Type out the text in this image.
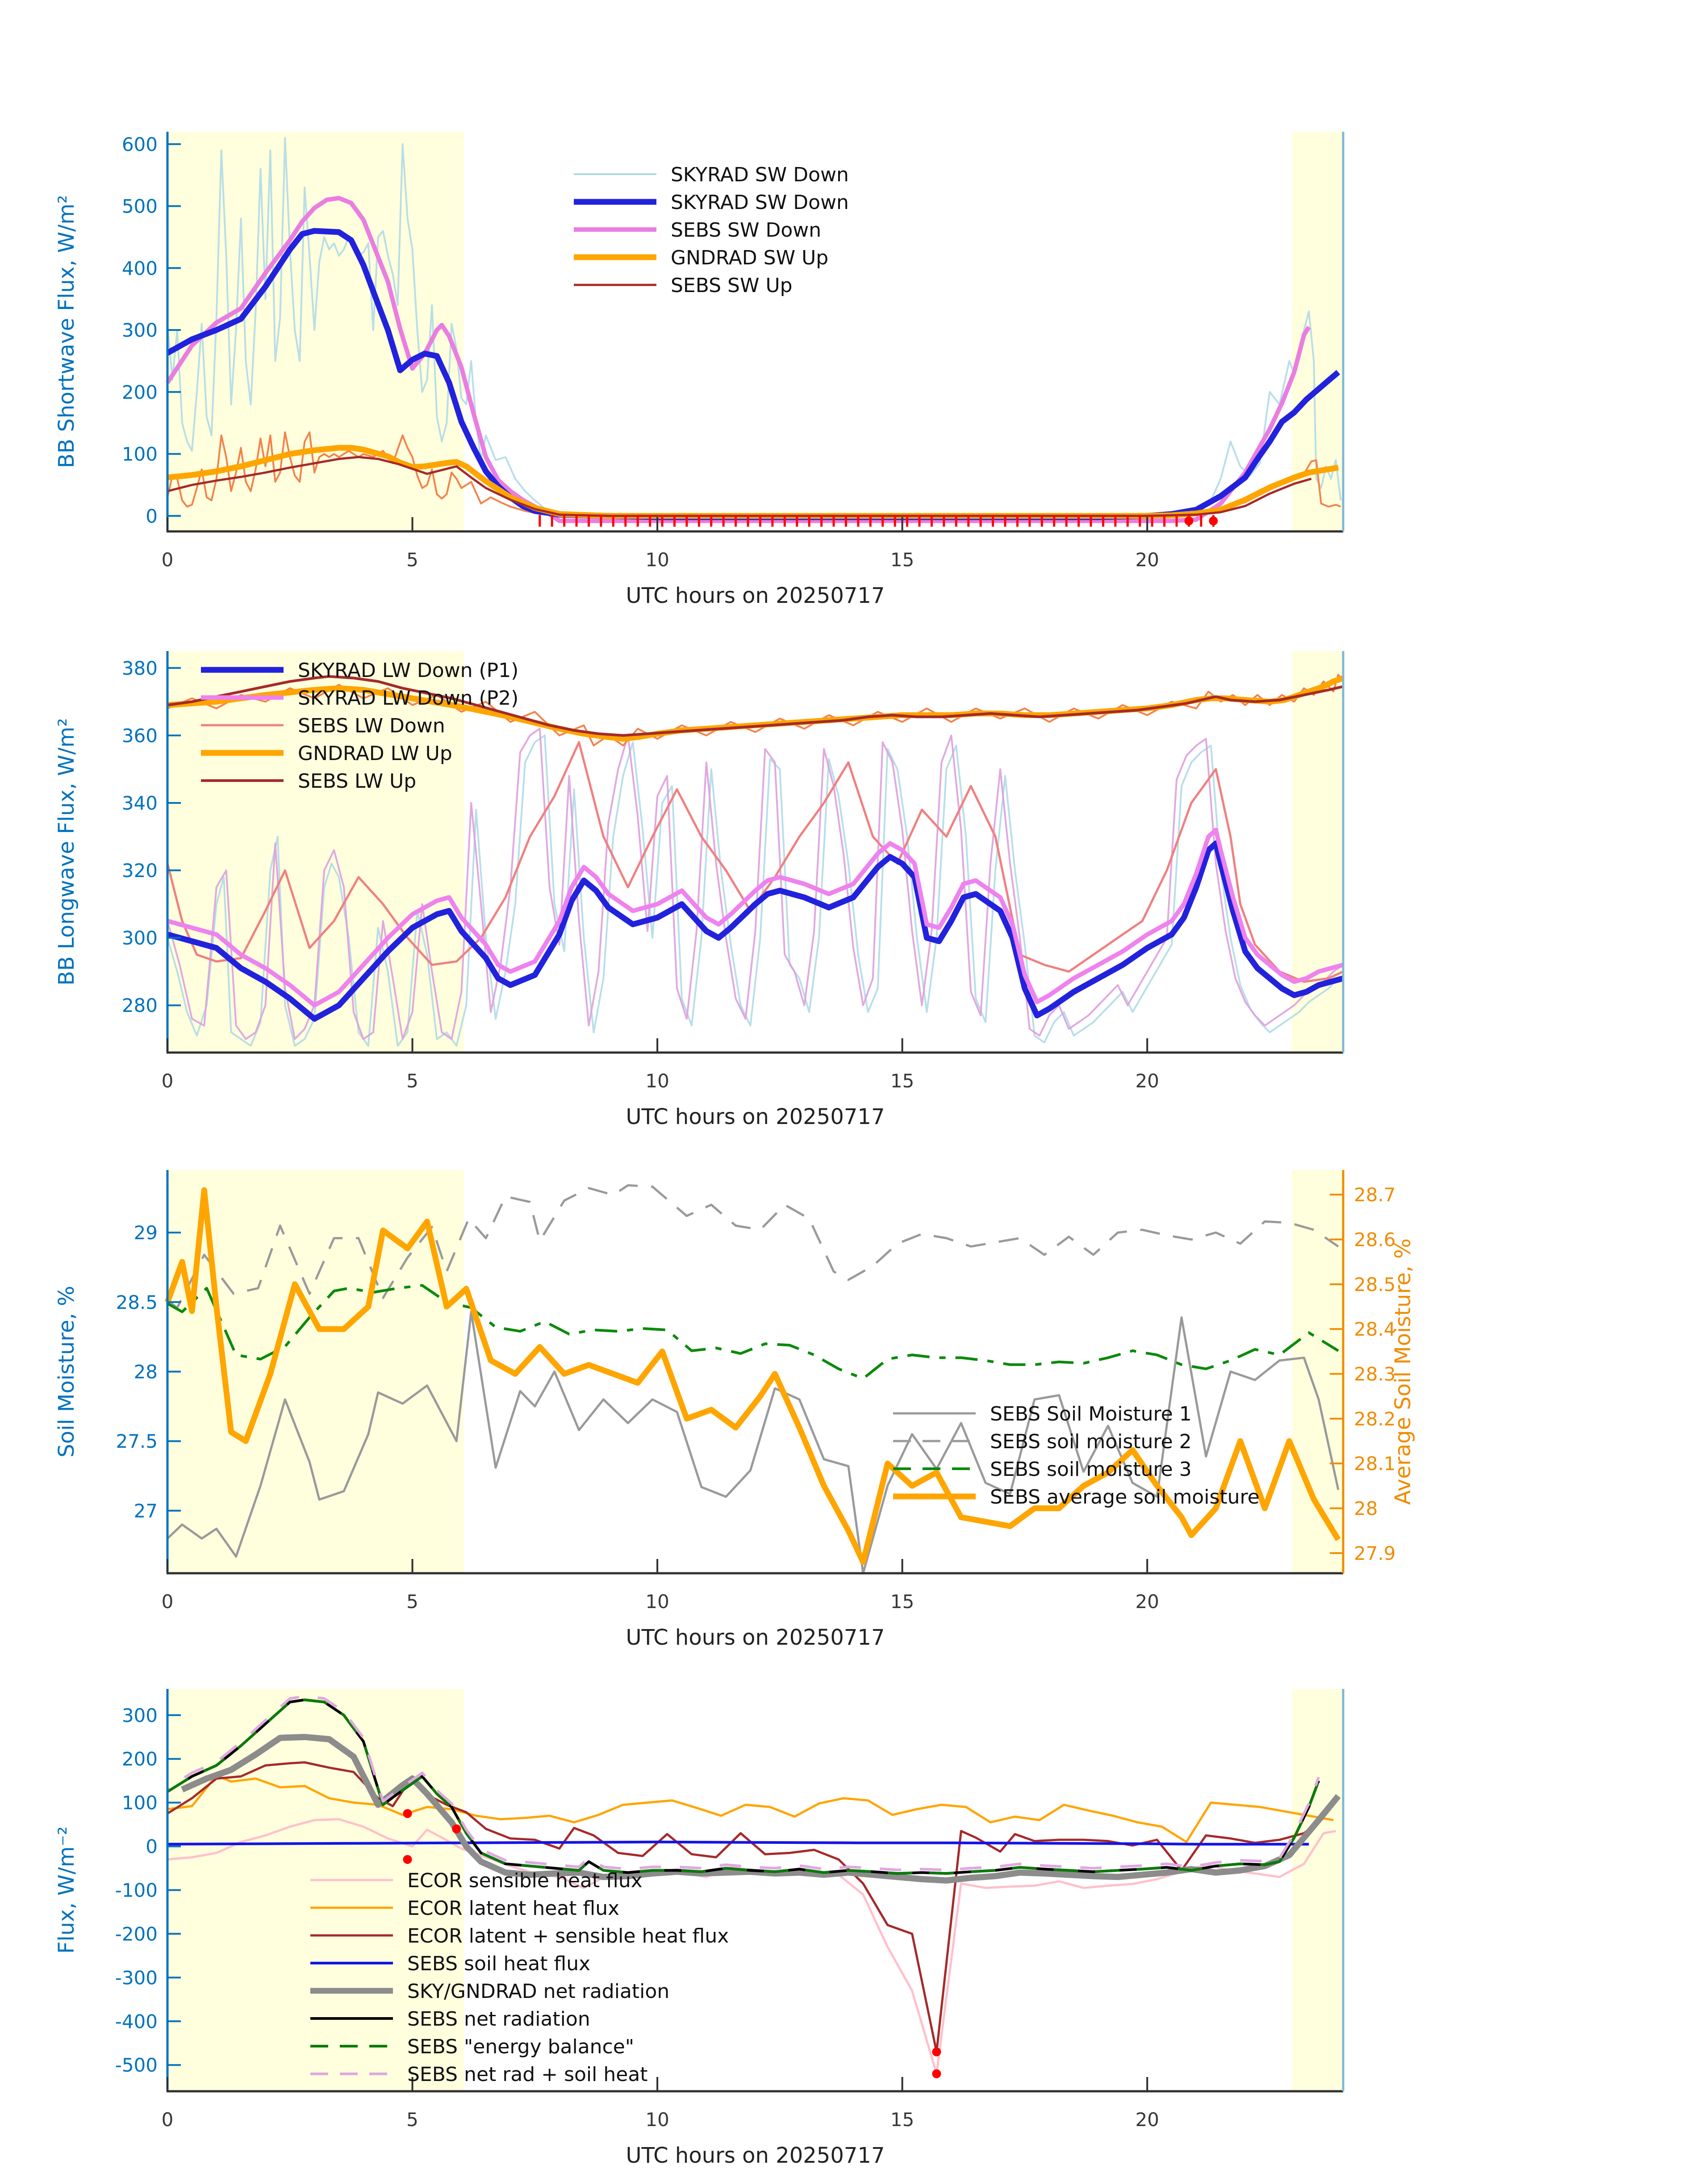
0	5	10	15	20
0
100
200
300
400
500
600
UTC hours on 20250717
BB Shortwave Flux, W/m²
SKYRAD SW Down
SKYRAD SW Down
SEBS SW Down
GNDRAD SW Up
SEBS SW Up
0	5	10	15	20
280
300
320
340
360
380
UTC hours on 20250717
BB Longwave Flux, W/m²
SKYRAD LW Down (P1)
SKYRAD LW Down (P2)
SEBS LW Down
GNDRAD LW Up
SEBS LW Up
0	5	10	15	20
27
27.5
28
28.5
29
27.9
28
28.1
28.2
28.3
28.4
28.5
28.6
28.7
UTC hours on 20250717
Soil Moisture, %	Average Soil Moisture, %
SEBS Soil Moisture 1
SEBS soil moisture 2
SEBS soil moisture 3
SEBS average soil moisture
0	5	10	15	20
-500
-400
-300
-200
-100
0
100
200
300
UTC hours on 20250717
Flux, W/m⁻²	ECOR sensible heat flux
ECOR latent heat flux
ECOR latent + sensible heat flux
SEBS soil heat flux
SKY/GNDRAD net radiation
SEBS net radiation
SEBS "energy balance"
SEBS net rad + soil heat
